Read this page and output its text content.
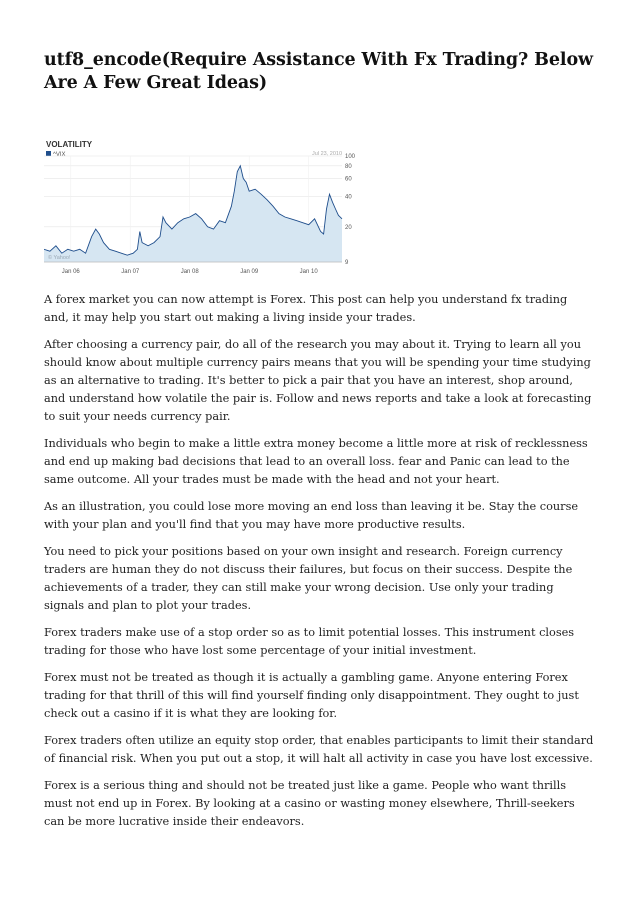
utf8_encode(Require Assistance With Fx Trading? Below Are A Few Great Ideas)
VOLATILITY
^VIX	Jul 23, 2010
9
20
40
60
80
100
Jan 06	Jan 07	Jan 08	Jan 09	Jan 10
© Yahoo!

A forex market you can now attempt is Forex. This post can help you understand fx trading and, it may help you start out making a living inside your trades.

After choosing a currency pair, do all of the research you may about it. Trying to learn all you should know about multiple currency pairs means that you will be spending your time studying as an alternative to trading. It's better to pick a pair that you have an interest, shop around, and understand how volatile the pair is. Follow and news reports and take a look at forecasting to suit your needs currency pair.

Individuals who begin to make a little extra money become a little more at risk of recklessness and end up making bad decisions that lead to an overall loss. fear and Panic can lead to the same outcome. All your trades must be made with the head and not your heart.

As an illustration, you could lose more moving an end loss than leaving it be. Stay the course with your plan and you'll find that you may have more productive results.

You need to pick your positions based on your own insight and research. Foreign currency traders are human they do not discuss their failures, but focus on their success. Despite the achievements of a trader, they can still make your wrong decision. Use only your trading signals and plan to plot your trades.

Forex traders make use of a stop order so as to limit potential losses. This instrument closes trading for those who have lost some percentage of your initial investment.

Forex must not be treated as though it is actually a gambling game. Anyone entering Forex trading for that thrill of this will find yourself finding only disappointment. They ought to just check out a casino if it is what they are looking for.

Forex traders often utilize an equity stop order, that enables participants to limit their standard of financial risk. When you put out a stop, it will halt all activity in case you have lost excessive.

Forex is a serious thing and should not be treated just like a game. People who want thrills must not end up in Forex. By looking at a casino or wasting money elsewhere, Thrill-seekers can be more lucrative inside their endeavors.
